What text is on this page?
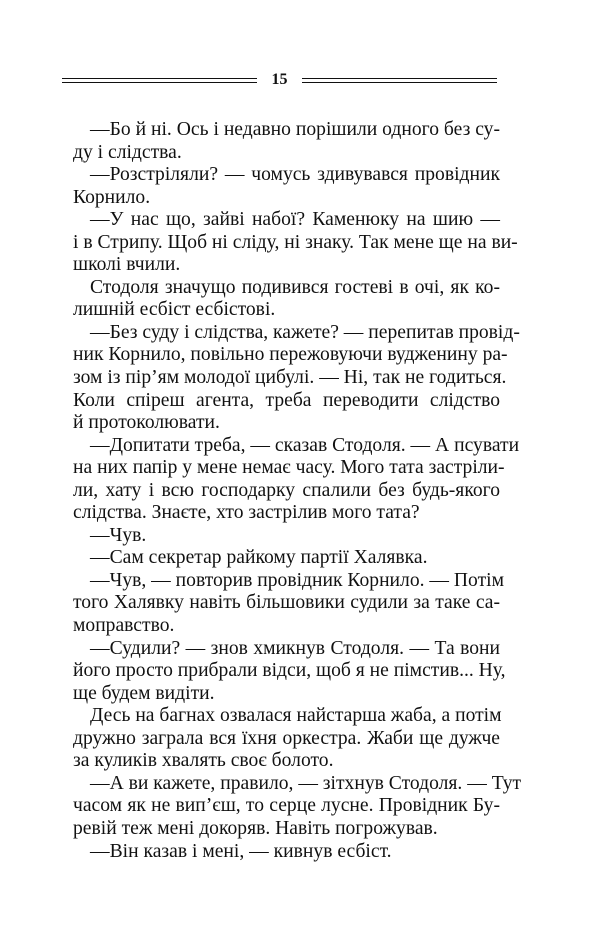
15
—Бо й ні. Ось і недавно порішили одного без су-
ду і слідства.
—Розстріляли? — чомусь здивувався провідник
Корнило.
—У нас що, зайві набої? Каменюку на шию —
і в Стрипу. Щоб ні сліду, ні знаку. Так мене ще на ви-
школі вчили.
Стодоля значущо подивився гостеві в очі, як ко-
лишній есбіст есбістові.
—Без суду і слідства, кажете? — перепитав провід-
ник Корнило, повільно пережовуючи вудженину ра-
зом із пір’ям молодої цибулі. — Ні, так не годиться.
Коли спіреш агента, треба переводити слідство
й протоколювати.
—Допитати треба, — сказав Стодоля. — А псувати
на них папір у мене немає часу. Мого тата застріли-
ли, хату і всю господарку спалили без будь-якого
слідства. Знаєте, хто застрілив мого тата?
—Чув.
—Сам секретар райкому партії Халявка.
—Чув, — повторив провідник Корнило. — Потім
того Халявку навіть більшовики судили за таке са-
моправство.
—Судили? — знов хмикнув Стодоля. — Та вони
його просто прибрали відси, щоб я не пімстив... Ну,
ще будем видіти.
Десь на багнах озвалася найстарша жаба, а потім
дружно заграла вся їхня оркестра. Жаби ще дужче
за куликів хвалять своє болото.
—А ви кажете, правило, — зітхнув Стодоля. — Тут
часом як не вип’єш, то серце лусне. Провідник Бу-
ревій теж мені докоряв. Навіть погрожував.
—Він казав і мені, — кивнув есбіст.
